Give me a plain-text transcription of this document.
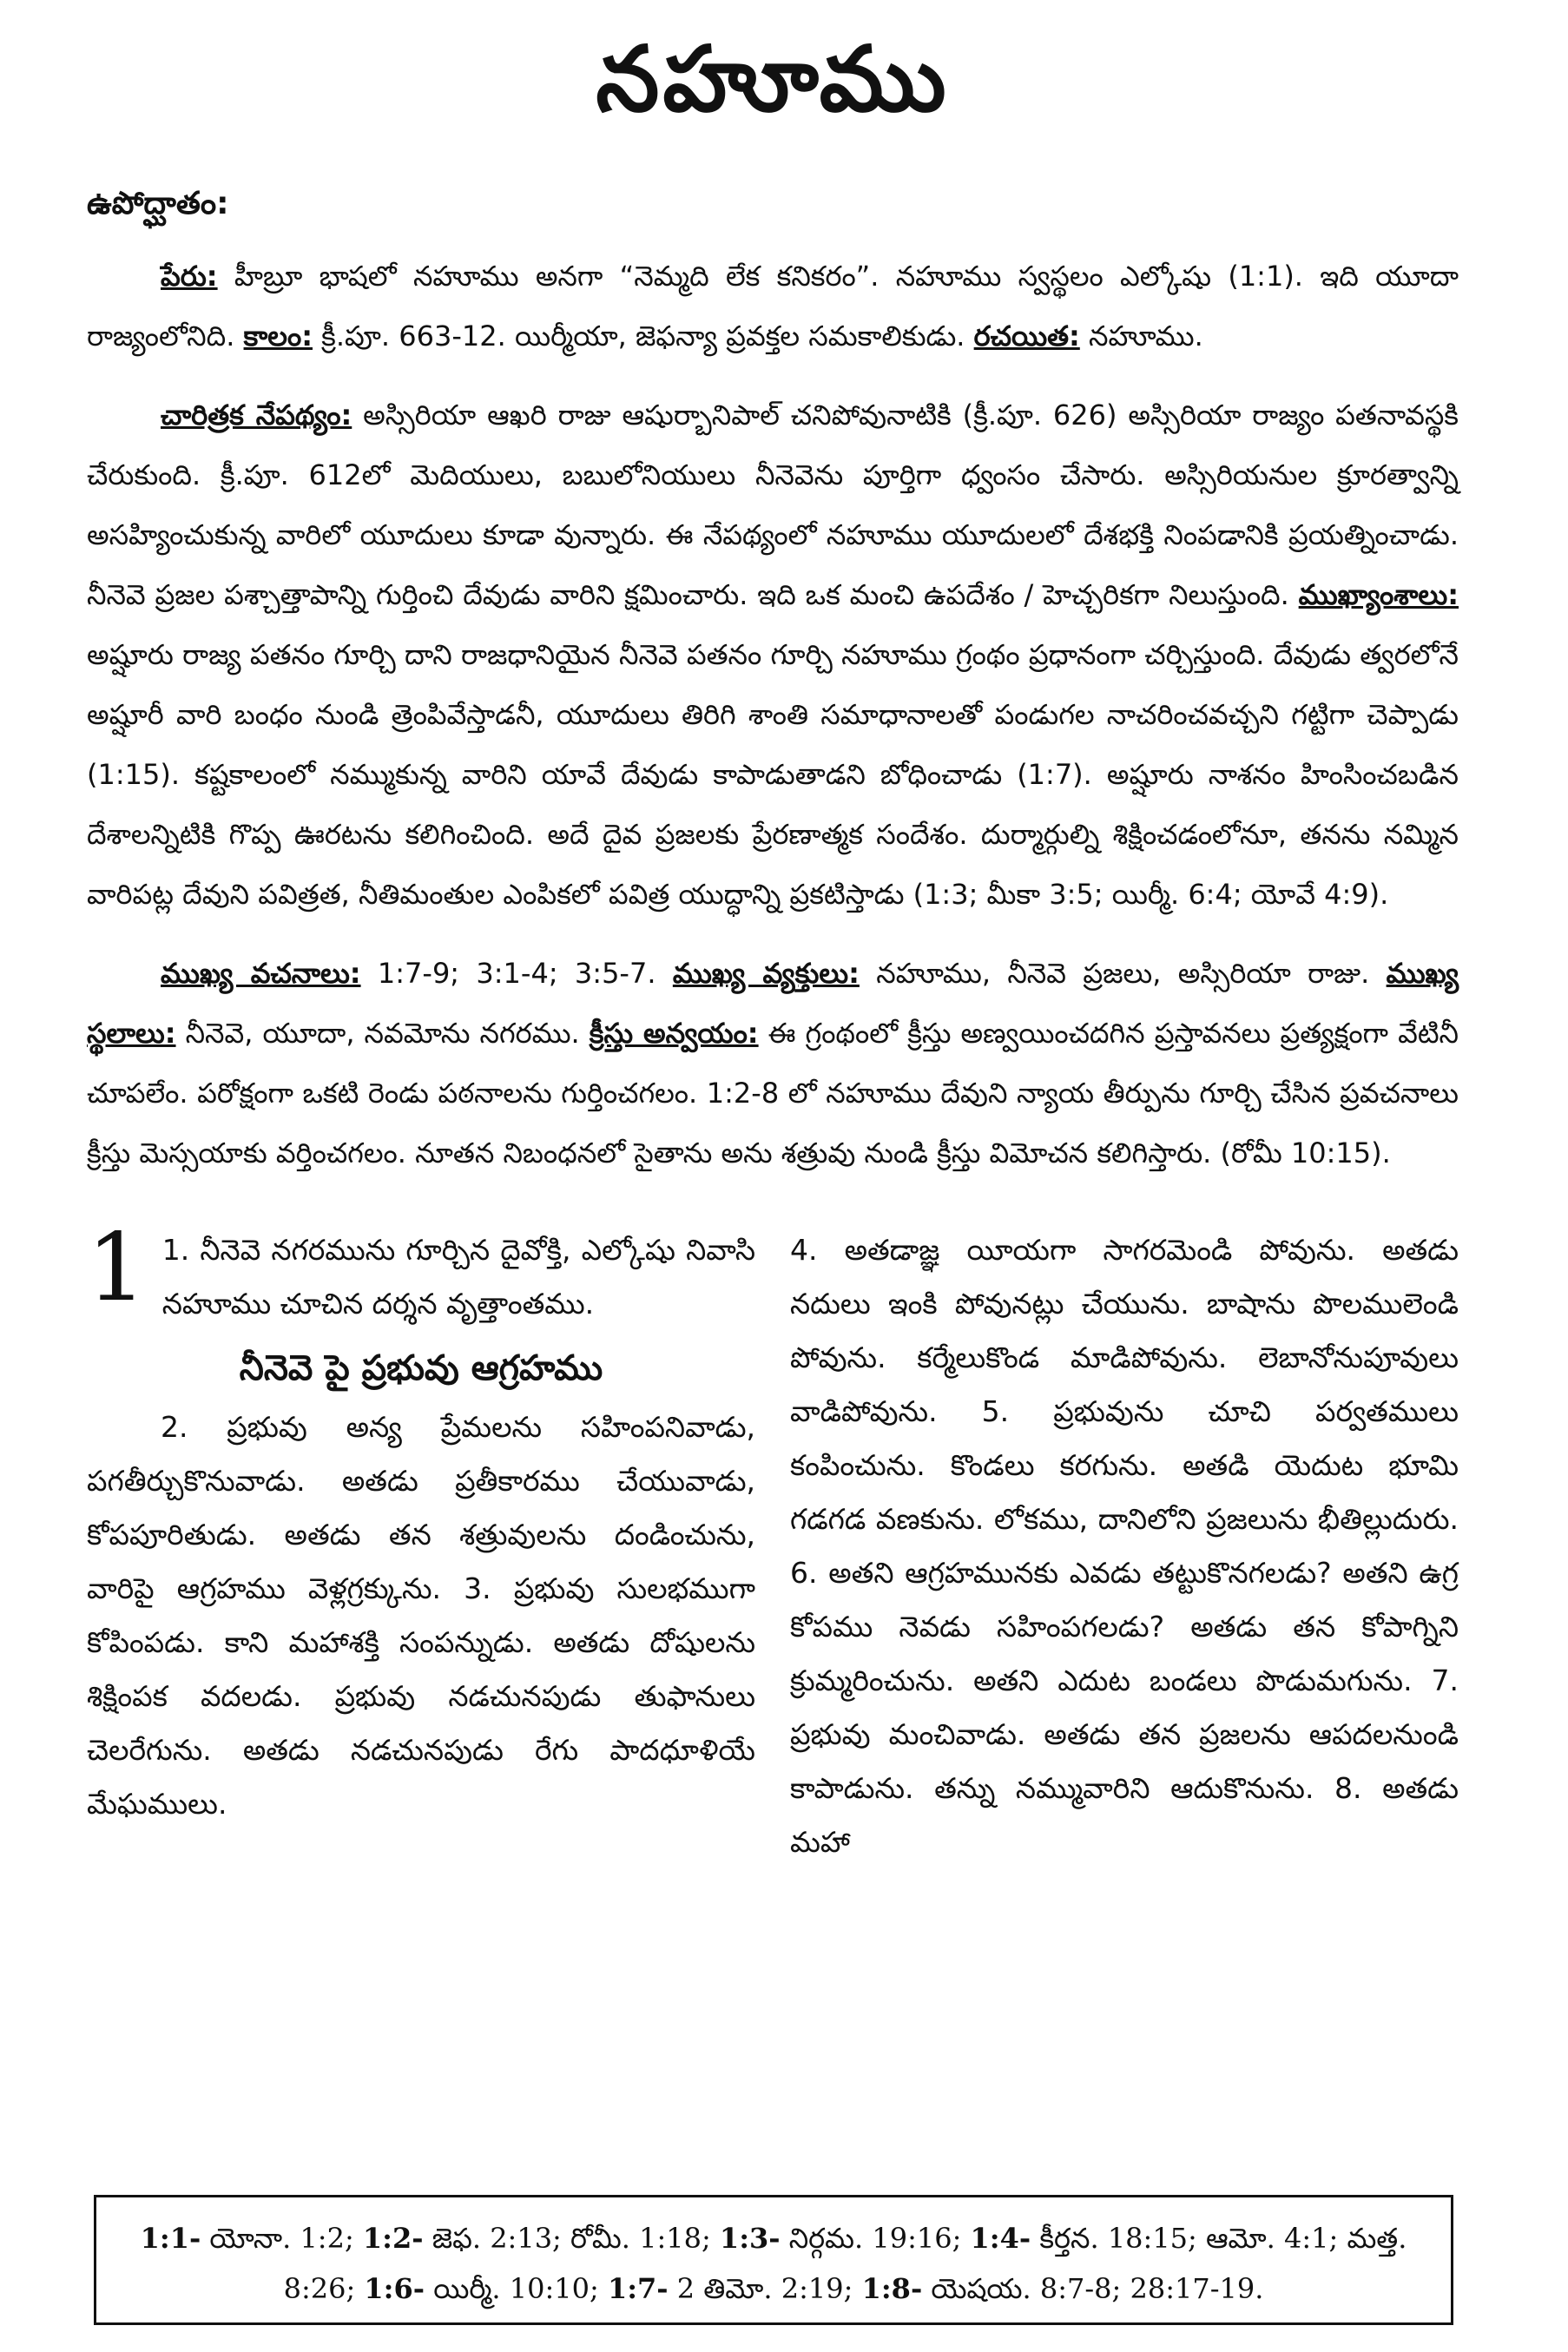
నహూము
ఉపోద్ఘాతం:

పేరు: హీబ్రూ భాషలో నహూము అనగా “నెమ్మది లేక కనికరం”. నహూము స్వస్థలం ఎల్కోషు (1:1). ఇది యూదా రాజ్యంలోనిది. కాలం: క్రీ.పూ. 663-12. యిర్మీయా, జెఫన్యా ప్రవక్తల సమకాలికుడు. రచయిత: నహూము.

చారిత్రక నేపథ్యం: అస్సిరియా ఆఖరి రాజు ఆషుర్బానిపాల్ చనిపోవునాటికి (క్రీ.పూ. 626) అస్సిరియా రాజ్యం పతనావస్థకి చేరుకుంది. క్రీ.పూ. 612లో మెదియులు, బబులోనియులు నీనెవెను పూర్తిగా ధ్వంసం చేసారు. అస్సిరియనుల క్రూరత్వాన్ని అసహ్యించుకున్న వారిలో యూదులు కూడా వున్నారు. ఈ నేపథ్యంలో నహూము యూదులలో దేశభక్తి నింపడానికి ప్రయత్నించాడు. నీనెవె ప్రజల పశ్చాత్తాపాన్ని గుర్తించి దేవుడు వారిని క్షమించారు. ఇది ఒక మంచి ఉపదేశం / హెచ్చరికగా నిలుస్తుంది. ముఖ్యాంశాలు: అష్షూరు రాజ్య పతనం గూర్చి దాని రాజధానియైన నీనెవె పతనం గూర్చి నహూము గ్రంథం ప్రధానంగా చర్చిస్తుంది. దేవుడు త్వరలోనే అష్షూరీ వారి బంధం నుండి త్రెంపివేస్తాడనీ, యూదులు తిరిగి శాంతి సమాధానాలతో పండుగల నాచరించవచ్చని గట్టిగా చెప్పాడు (1:15). కష్టకాలంలో నమ్ముకున్న వారిని యావే దేవుడు కాపాడుతాడని బోధించాడు (1:7). అష్షూరు నాశనం హింసించబడిన దేశాలన్నిటికి గొప్ప ఊరటను కలిగించింది. అదే దైవ ప్రజలకు ప్రేరణాత్మక సందేశం. దుర్మార్గుల్ని శిక్షించడంలోనూ, తనను నమ్మిన వారిపట్ల దేవుని పవిత్రత, నీతిమంతుల ఎంపికలో పవిత్ర యుద్ధాన్ని ప్రకటిస్తాడు (1:3; మీకా 3:5; యిర్మీ. 6:4; యోవే 4:9).

ముఖ్య వచనాలు: 1:7-9; 3:1-4; 3:5-7. ముఖ్య వ్యక్తులు: నహూము, నీనెవె ప్రజలు, అస్సిరియా రాజు. ముఖ్య స్థలాలు: నీనెవె, యూదా, నవమోను నగరము. క్రీస్తు అన్వయం: ఈ గ్రంథంలో క్రీస్తు అణ్వయించదగిన ప్రస్తావనలు ప్రత్యక్షంగా వేటినీ చూపలేం. పరోక్షంగా ఒకటి రెండు పఠనాలను గుర్తించగలం. 1:2-8 లో నహూము దేవుని న్యాయ తీర్పును గూర్చి చేసిన ప్రవచనాలు క్రీస్తు మెస్సయాకు వర్తించగలం. నూతన నిబంధనలో సైతాను అను శత్రువు నుండి క్రీస్తు విమోచన కలిగిస్తారు. (రోమీ 10:15).

1 1. నీనెవె నగరమును గూర్చిన దైవోక్తి, ఎల్కోషు నివాసి నహూము చూచిన దర్శన వృత్తాంతము.

నీనెవె పై ప్రభువు ఆగ్రహము

2. ప్రభువు అన్య ప్రేమలను సహింపనివాడు, పగతీర్చుకొనువాడు. అతడు ప్రతీకారము చేయువాడు, కోపపూరితుడు. అతడు తన శత్రువులను దండించును, వారిపై ఆగ్రహము వెళ్లగ్రక్కును. 3. ప్రభువు సులభముగా కోపింపడు. కాని మహాశక్తి సంపన్నుడు. అతడు దోషులను శిక్షింపక వదలడు. ప్రభువు నడచునపుడు తుఫానులు చెలరేగును. అతడు నడచునపుడు రేగు పాదధూళియే మేఘములు.

4. అతడాజ్ఞ యీయగా సాగరమెండి పోవును. అతడు నదులు ఇంకి పోవునట్లు చేయును. బాషాను పొలములెండి పోవును. కర్మేలుకొండ మాడిపోవును. లెబానోనుపూవులు వాడిపోవును. 5. ప్రభువును చూచి పర్వతములు కంపించును. కొండలు కరగును. అతడి యెదుట భూమి గడగడ వణకును. లోకము, దానిలోని ప్రజలును భీతిల్లుదురు. 6. అతని ఆగ్రహమునకు ఎవడు తట్టుకొనగలడు? అతని ఉగ్ర కోపము నెవడు సహింపగలడు? అతడు తన కోపాగ్నిని క్రుమ్మరించును. అతని ఎదుట బండలు పొడుమగును. 7. ప్రభువు మంచివాడు. అతడు తన ప్రజలను ఆపదలనుండి కాపాడును. తన్ను నమ్మువారిని ఆదుకొనును. 8. అతడు మహా

1:1- యోనా. 1:2; 1:2- జెఫ. 2:13; రోమీ. 1:18; 1:3- నిర్గమ. 19:16; 1:4- కీర్తన. 18:15; ఆమో. 4:1; మత్త. 8:26; 1:6- యిర్మీ. 10:10; 1:7- 2 తిమో. 2:19; 1:8- యెషయ. 8:7-8; 28:17-19.
